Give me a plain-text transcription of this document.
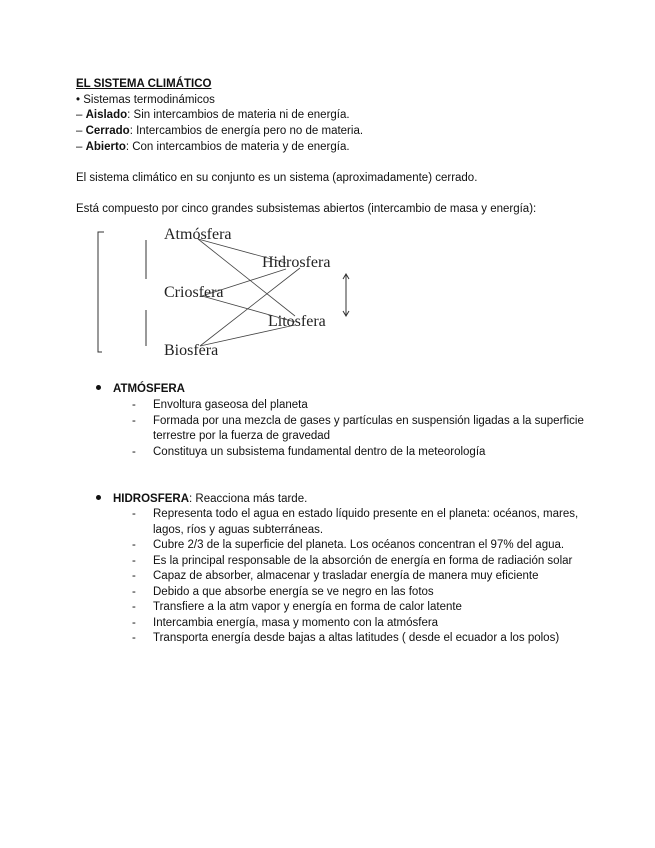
EL SISTEMA CLIMÁTICO
• Sistemas termodinámicos
– Aislado: Sin intercambios de materia ni de energía.
– Cerrado: Intercambios de energía pero no de materia.
– Abierto: Con intercambios de materia y de energía.
El sistema climático en su conjunto es un sistema (aproximadamente) cerrado.
Está compuesto por cinco grandes subsistemas abiertos (intercambio de masa y energía):
Atmósfera
Hidrosfera
Criosfera
Litosfera
Biosfera
ATMÓSFERA
- Envoltura gaseosa del planeta
- Formada por una mezcla de gases y partículas en suspensión ligadas a la superficie terrestre por la fuerza de gravedad
- Constituya un subsistema fundamental dentro de la meteorología
HIDROSFERA: Reacciona más tarde.
- Representa todo el agua en estado líquido presente en el planeta: océanos, mares, lagos, ríos y aguas subterráneas.
- Cubre 2/3 de la superficie del planeta. Los océanos concentran el 97% del agua.
- Es la principal responsable de la absorción de energía en forma de radiación solar
- Capaz de absorber, almacenar y trasladar energía de manera muy eficiente
- Debido a que absorbe energía se ve negro en las fotos
- Transfiere a la atm vapor y energía en forma de calor latente
- Intercambia energía, masa y momento con la atmósfera
- Transporta energía desde bajas a altas latitudes ( desde el ecuador a los polos)
